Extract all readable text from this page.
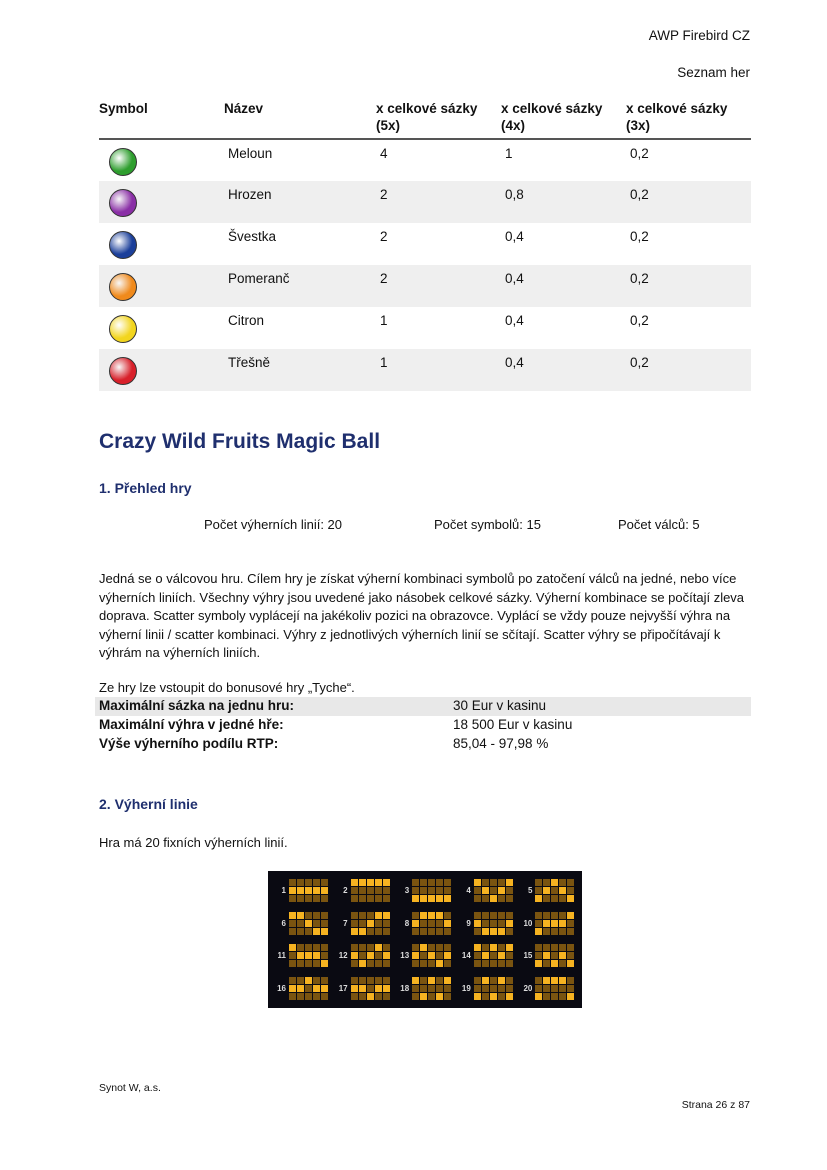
AWP Firebird CZ
Seznam her
Symbol	Název	x celkové sázky (5x)	x celkové sázky (4x)	x celkové sázky (3x)

	Meloun	4	1	0,2

	Hrozen	2	0,8	0,2

	Švestka	2	0,4	0,2

	Pomeranč	2	0,4	0,2

	Citron	1	0,4	0,2

	Třešně	1	0,4	0,2
Crazy Wild Fruits Magic Ball
1. Přehled hry
Počet výherních linií: 20	Počet symbolů: 15	Počet válců: 5
Jedná se o válcovou hru. Cílem hry je získat výherní kombinaci symbolů po zatočení válců na jedné, nebo více výherních liniích. Všechny výhry jsou uvedené jako násobek celkové sázky. Výherní kombinace se počítají zleva doprava. Scatter symboly vyplácejí na jakékoliv pozici na obrazovce. Vyplácí se vždy pouze nejvyšší výhra na výherní linii / scatter kombinaci. Výhry z jednotlivých výherních linií se sčítají. Scatter výhry se připočítávají k výhrám na výherních liniích.
Ze hry lze vstoupit do bonusové hry „Tyche“.
Maximální sázka na jednu hru:	30 Eur v kasinu
Maximální výhra v jedné hře:	18 500 Eur v kasinu
Výše výherního podílu RTP:	85,04 - 97,98 %
2. Výherní linie
Hra má 20 fixních výherních linií.
1	2	3	4	5
6	7	8	9	10
11	12	13	14	15
16	17	18	19	20
Synot W, a.s.
Strana 26 z 87
